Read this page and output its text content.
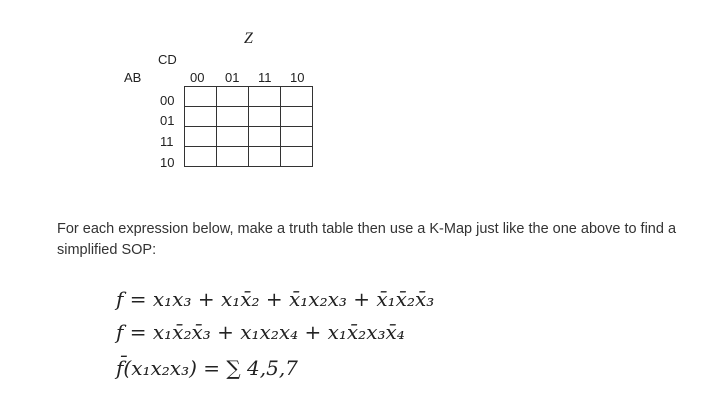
Z
CD
AB	00 01 11 10
00
01
11
10

For each expression below, make a truth table then use a K-Map just like the one above to find a simplified SOP:
f = x₁x₃ + x₁x̄₂ + x̄₁x₂x₃ + x̄₁x̄₂x̄₃
f = x₁x̄₂x̄₃ + x₁x₂x₄ + x₁x̄₂x₃x̄₄
f̄(x₁x₂x₃) = ∑ 4,5,7
